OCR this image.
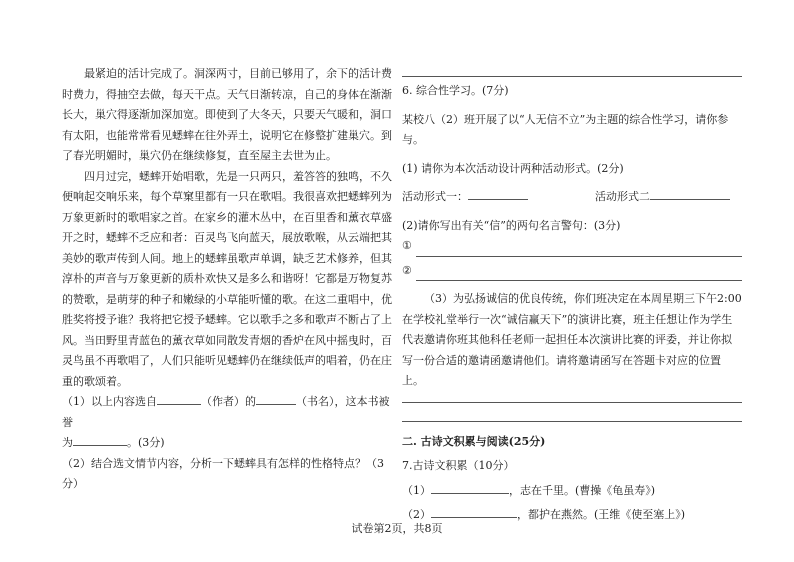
最紧迫的活计完成了。洞深两寸，目前已够用了，余下的活计费时费力，得抽空去做，每天干点。天气日渐转凉，自己的身体在渐渐长大，巢穴得逐渐加深加宽。即使到了大冬天，只要天气暖和，洞口有太阳，也能常常看见蟋蟀在往外弄土，说明它在修整扩建巢穴。到了春光明媚时，巢穴仍在继续修复，直至屋主去世为止。

四月过完，蟋蟀开始唱歌，先是一只两只，羞答答的独鸣，不久便响起交响乐来，每个草窠里都有一只在歌唱。我很喜欢把蟋蟀列为万象更新时的歌唱家之首。在家乡的灌木丛中，在百里香和薰衣草盛开之时，蟋蟀不乏应和者：百灵鸟飞向蓝天，展放歌喉，从云端把其美妙的歌声传到人间。地上的蟋蟀虽歌声单调，缺乏艺术修养，但其淳朴的声音与万象更新的质朴欢快又是多么和谐呀！它都是万物复苏的赞歌，是萌芽的种子和嫩绿的小草能听懂的歌。在这二重唱中，优胜奖将授予谁？我将把它授予蟋蟀。它以歌手之多和歌声不断占了上风。当田野里青蓝色的薰衣草如同散发青烟的香炉在风中摇曳时，百灵鸟虽不再歌唱了，人们只能听见蟋蟀仍在继续低声的唱着，仍在庄重的歌颂着。

（1）以上内容选自	（作者）的	（书名），这本书被誉

为	。(3分)

（2）结合选文情节内容，分析一下蟋蟀具有怎样的性格特点？（3分）

6. 综合性学习。(7分)

某校八（2）班开展了以“人无信不立”为主题的综合性学习，请你参与。

(1) 请你为本次活动设计两种活动形式。(2分)

活动形式一：	活动形式二

(2)请你写出有关“信”的两句名言警句：(3分)

①
②

（3）为弘扬诚信的优良传统，你们班决定在本周星期三下午2:00在学校礼堂举行一次“诚信赢天下”的演讲比赛，班主任想让作为学生代表邀请你班其他科任老师一起担任本次演讲比赛的评委，并让你拟写一份合适的邀请函邀请他们。请将邀请函写在答题卡对应的位置上。

二. 古诗文积累与阅读(25分)

7.古诗文积累（10分）

（1）	，志在千里。(曹操《龟虽寿》)

（2）	，都护在燕然。(王维《使至塞上》)

试卷第2页，共8页
